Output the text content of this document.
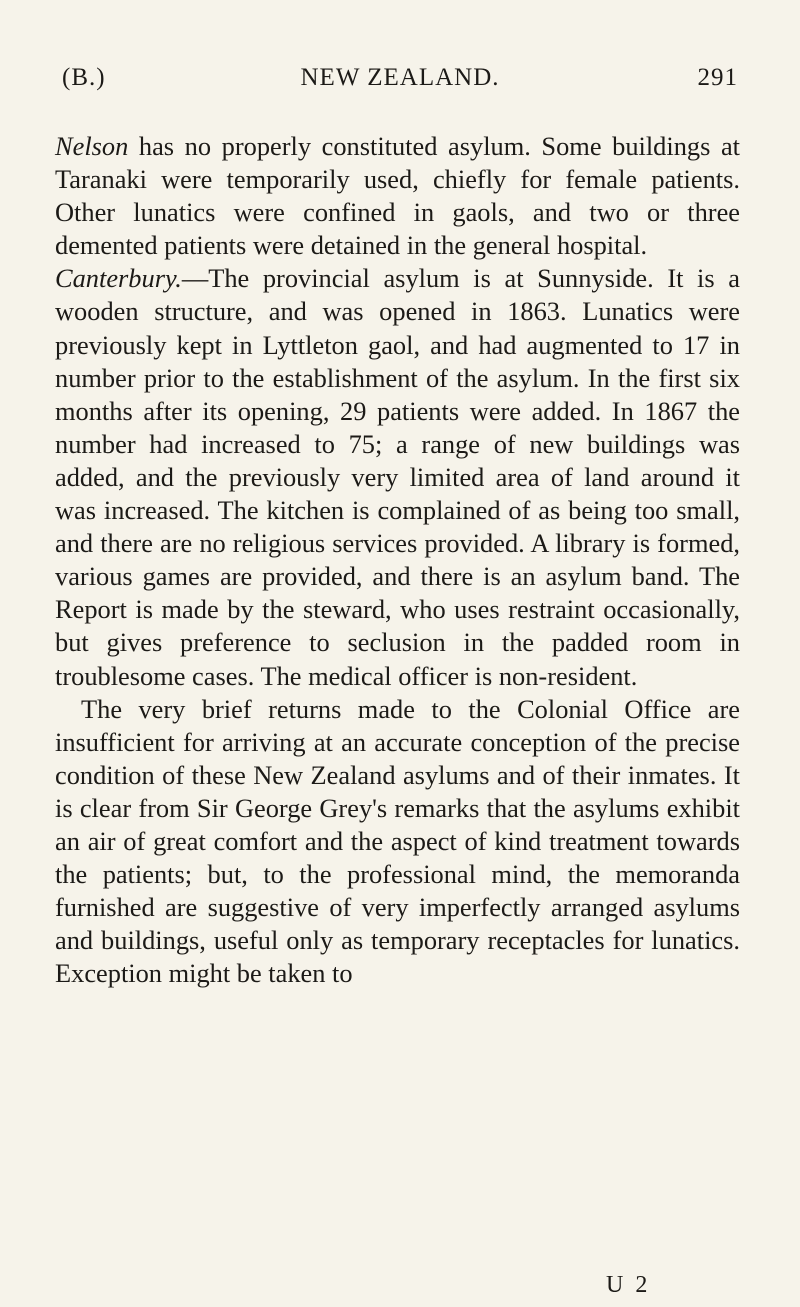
(B.)	NEW ZEALAND.	291

Nelson has no properly constituted asylum. Some buildings at Taranaki were temporarily used, chiefly for female patients. Other lunatics were confined in gaols, and two or three demented patients were detained in the general hospital.

Canterbury.—The provincial asylum is at Sunnyside. It is a wooden structure, and was opened in 1863. Lunatics were previously kept in Lyttleton gaol, and had augmented to 17 in number prior to the establishment of the asylum. In the first six months after its opening, 29 patients were added. In 1867 the number had increased to 75; a range of new buildings was added, and the previously very limited area of land around it was increased. The kitchen is complained of as being too small, and there are no religious services provided. A library is formed, various games are provided, and there is an asylum band. The Report is made by the steward, who uses restraint occasionally, but gives preference to seclusion in the padded room in troublesome cases. The medical officer is non-resident.

The very brief returns made to the Colonial Office are insufficient for arriving at an accurate conception of the precise condition of these New Zealand asylums and of their inmates. It is clear from Sir George Grey's remarks that the asylums exhibit an air of great comfort and the aspect of kind treatment towards the patients; but, to the professional mind, the memoranda furnished are suggestive of very imperfectly arranged asylums and buildings, useful only as temporary receptacles for lunatics. Exception might be taken to

U 2
